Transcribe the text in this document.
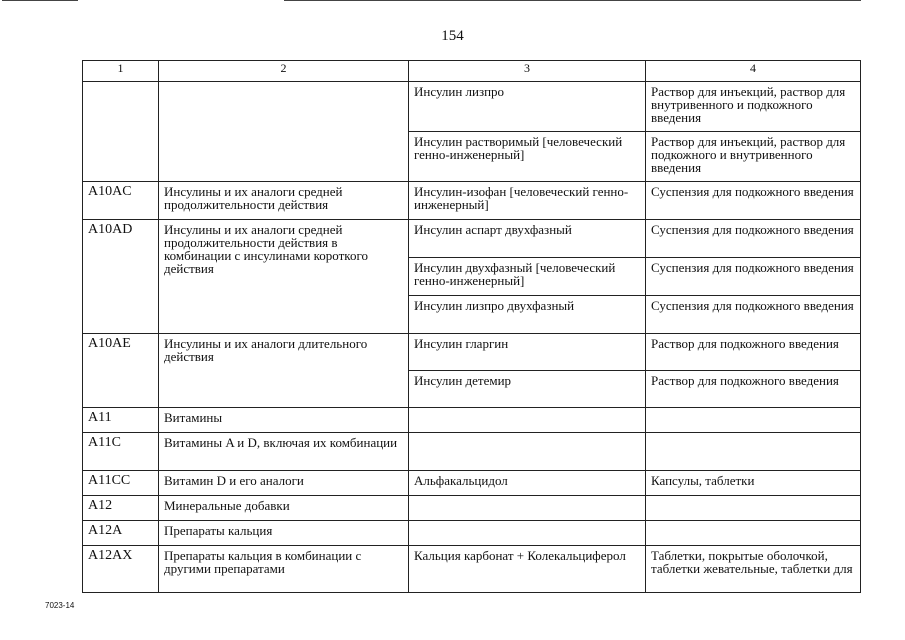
154
1	2	3	4
		Инсулин лизпро	Раствор для инъекций, раствор для внутривенного и подкожного введения
		Инсулин растворимый [человеческий генно-инженерный]	Раствор для инъекций, раствор для подкожного и внутривенного введения
A10AC	Инсулины и их аналоги средней продолжительности действия	Инсулин-изофан [человеческий генно-инженерный]	Суспензия для подкожного введения
A10AD	Инсулины и их аналоги средней продолжительности действия в комбинации с инсулинами короткого действия	Инсулин аспарт двухфазный	Суспензия для подкожного введения
		Инсулин двухфазный [человеческий генно-инженерный]	Суспензия для подкожного введения
		Инсулин лизпро двухфазный	Суспензия для подкожного введения
A10AE	Инсулины и их аналоги длительного действия	Инсулин гларгин	Раствор для подкожного введения
		Инсулин детемир	Раствор для подкожного введения
A11	Витамины		
A11C	Витамины A и D, включая их комбинации		
A11CC	Витамин D и его аналоги	Альфакальцидол	Капсулы, таблетки
A12	Минеральные добавки		
A12A	Препараты кальция		
A12AX	Препараты кальция в комбинации с другими препаратами	Кальция карбонат + Колекальциферол	Таблетки, покрытые оболочкой, таблетки жевательные, таблетки для
7023-14
